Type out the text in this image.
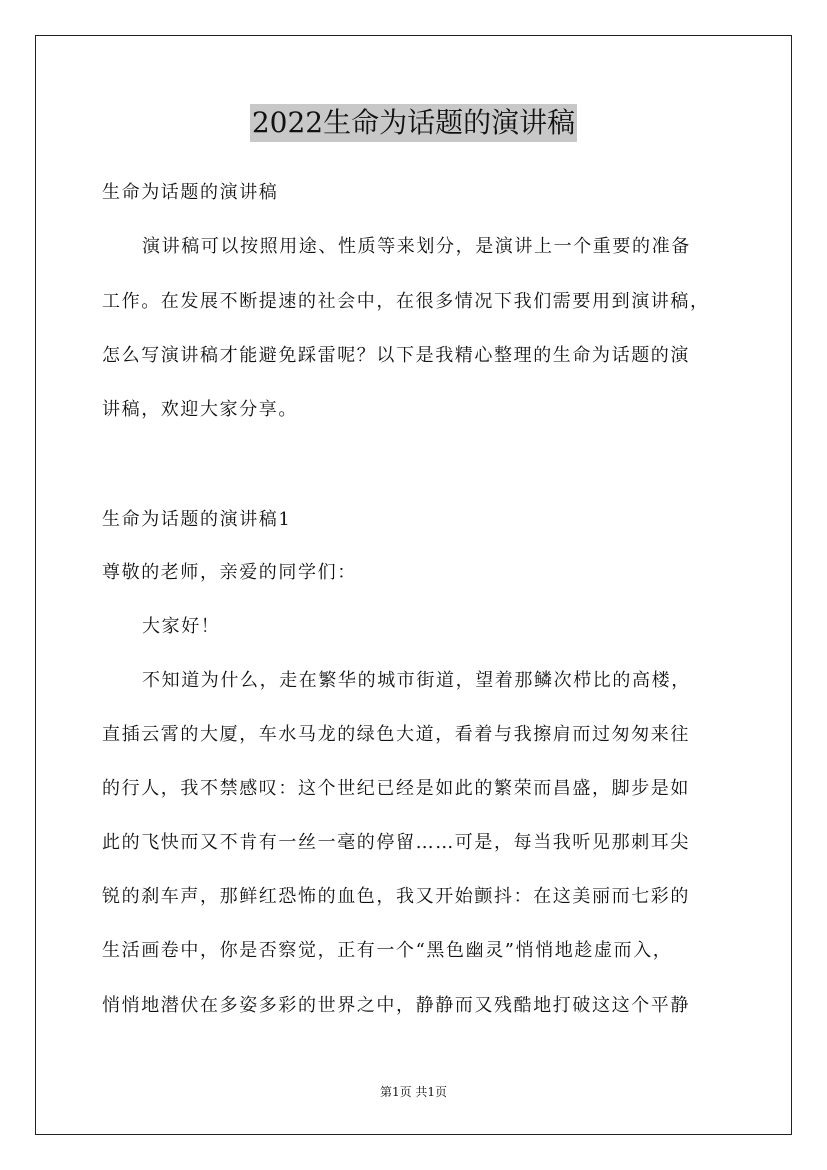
2022生命为话题的演讲稿
生命为话题的演讲稿
演讲稿可以按照用途、性质等来划分，是演讲上一个重要的准备
工作。在发展不断提速的社会中，在很多情况下我们需要用到演讲稿，
怎么写演讲稿才能避免踩雷呢？以下是我精心整理的生命为话题的演
讲稿，欢迎大家分享。
生命为话题的演讲稿1
尊敬的老师，亲爱的同学们：
大家好！
不知道为什么，走在繁华的城市街道，望着那鳞次栉比的高楼，
直插云霄的大厦，车水马龙的绿色大道，看着与我擦肩而过匆匆来往
的行人，我不禁感叹：这个世纪已经是如此的繁荣而昌盛，脚步是如
此的飞快而又不肯有一丝一毫的停留……可是，每当我听见那刺耳尖
锐的刹车声，那鲜红恐怖的血色，我又开始颤抖：在这美丽而七彩的
生活画卷中，你是否察觉，正有一个“黑色幽灵”悄悄地趁虚而入，
悄悄地潜伏在多姿多彩的世界之中，静静而又残酷地打破这这个平静
第1页 共1页
